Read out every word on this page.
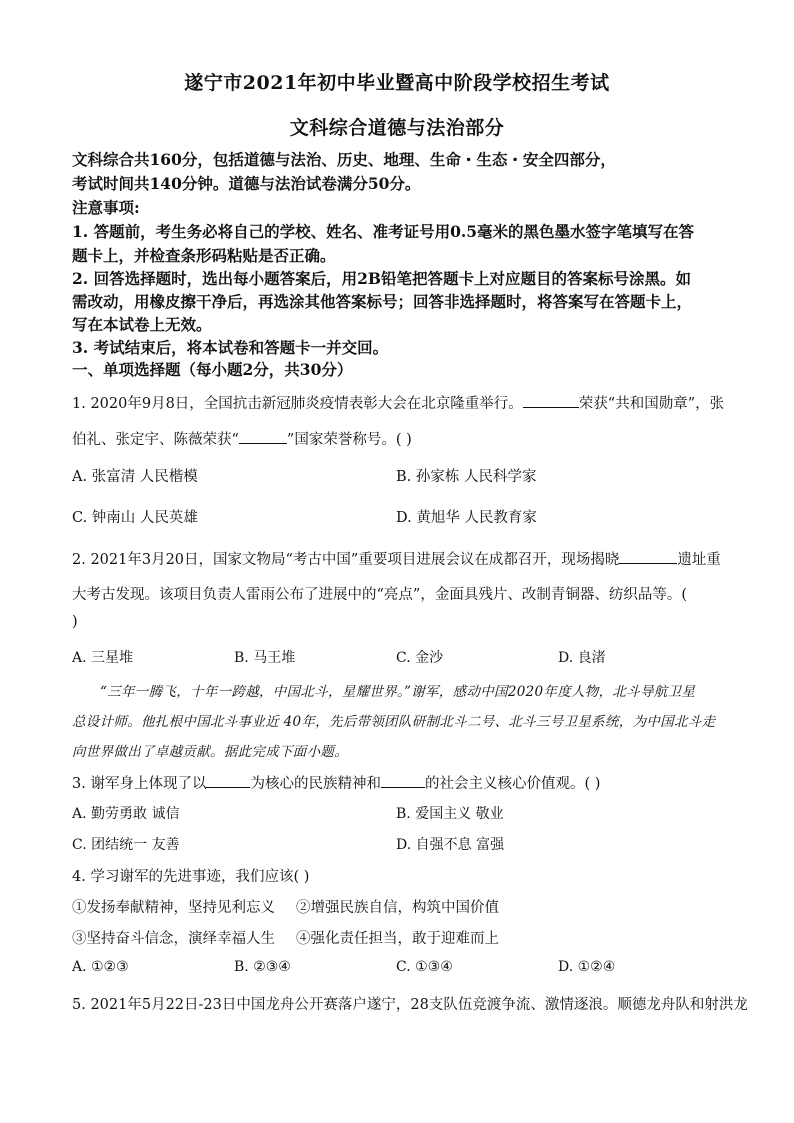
遂宁市2021年初中毕业暨高中阶段学校招生考试
文科综合道德与法治部分
文科综合共160分，包括道德与法治、历史、地理、生命・生态・安全四部分，
考试时间共140分钟。道德与法治试卷满分50分。
注意事项:
1. 答题前，考生务必将自己的学校、姓名、准考证号用0.5毫米的黑色墨水签字笔填写在答
题卡上，并检查条形码粘贴是否正确。
2. 回答选择题时，选出每小题答案后，用2B铅笔把答题卡上对应题目的答案标号涂黑。如
需改动，用橡皮擦干净后，再选涂其他答案标号；回答非选择题时，将答案写在答题卡上，
写在本试卷上无效。
3. 考试结束后，将本试卷和答题卡一并交回。
一、单项选择题（每小题2分，共30分）
1. 2020年9月8日，全国抗击新冠肺炎疫情表彰大会在北京隆重举行。	荣获“共和国勋章”，张
伯礼、张定宇、陈薇荣获“	”国家荣誉称号。( )
A. 张富清 人民楷模	B. 孙家栋 人民科学家
C. 钟南山 人民英雄	D. 黄旭华 人民教育家
2. 2021年3月20日，国家文物局“考古中国”重要项目进展会议在成都召开，现场揭晓	遗址重
大考古发现。该项目负责人雷雨公布了进展中的“亮点”，金面具残片、改制青铜器、纺织品等。(
)
A. 三星堆	B. 马王堆	C. 金沙	D. 良渚
“三年一腾飞，十年一跨越，中国北斗，星耀世界。”谢军，感动中国2020年度人物，北斗导航卫星
总设计师。他扎根中国北斗事业近 40年，先后带领团队研制北斗二号、北斗三号卫星系统，为中国北斗走
向世界做出了卓越贡献。据此完成下面小题。
3. 谢军身上体现了以	为核心的民族精神和	的社会主义核心价值观。( )
A. 勤劳勇敢 诚信	B. 爱国主义 敬业
C. 团结统一 友善	D. 自强不息 富强
4. 学习谢军的先进事迹，我们应该( )
①发扬奉献精神，坚持见利忘义 ②增强民族自信，构筑中国价值
③坚持奋斗信念，演绎幸福人生 ④强化责任担当，敢于迎难而上
A. ①②③	B. ②③④	C. ①③④	D. ①②④
5. 2021年5月22日-23日中国龙舟公开赛落户遂宁，28支队伍竞渡争流、激情逐浪。顺德龙舟队和射洪龙
